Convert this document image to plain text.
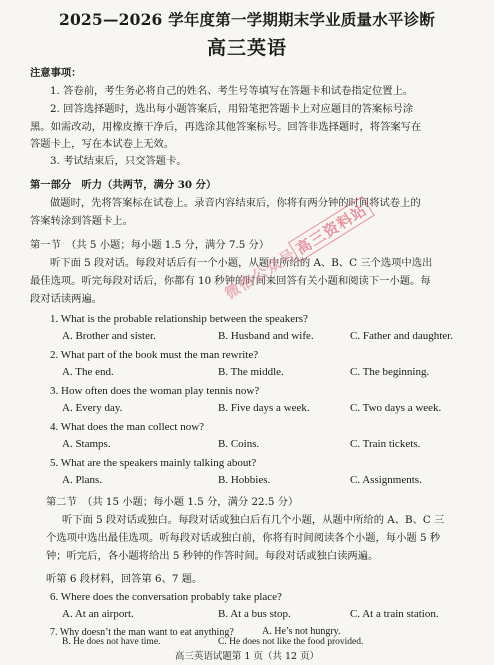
2025—2026 学年度第一学期期末学业质量水平诊断
高三英语
注意事项：
1. 答卷前，考生务必将自己的姓名、考生号等填写在答题卡和试卷指定位置上。
2. 回答选择题时，选出每小题答案后，用铅笔把答题卡上对应题目的答案标号涂
黑。如需改动，用橡皮擦干净后，再选涂其他答案标号。回答非选择题时，将答案写在
答题卡上，写在本试卷上无效。
3. 考试结束后，只交答题卡。
第一部分　听力（共两节，满分 30 分）
做题时，先将答案标在试卷上。录音内容结束后，你将有两分钟的时间将试卷上的
答案转涂到答题卡上。
第一节　（共 5 小题；每小题 1.5 分，满分 7.5 分）
听下面 5 段对话。每段对话后有一个小题，从题中所给的 A、B、C 三个选项中选出
最佳选项。听完每段对话后，你都有 10 秒钟的时间来回答有关小题和阅读下一小题。每
段对话读两遍。
1. What is the probable relationship between the speakers?
A. Brother and sister.	B. Husband and wife.	C. Father and daughter.
2. What part of the book must the man rewrite?
A. The end.	B. The middle.	C. The beginning.
3. How often does the woman play tennis now?
A. Every day.	B. Five days a week.	C. Two days a week.
4. What does the man collect now?
A. Stamps.	B. Coins.	C. Train tickets.
5. What are the speakers mainly talking about?
A. Plans.	B. Hobbies.	C. Assignments.
第二节　（共 15 小题；每小题 1.5 分，满分 22.5 分）
听下面 5 段对话或独白。每段对话或独白后有几个小题，从题中所给的 A、B、C 三
个选项中选出最佳选项。听每段对话或独白前，你将有时间阅读各个小题，每小题 5 秒
钟；听完后，各小题将给出 5 秒钟的作答时间。每段对话或独白读两遍。
听第 6 段材料，回答第 6、7 题。
6. Where does the conversation probably take place?
A. At an airport.	B. At a bus stop.	C. At a train station.
7. Why doesn’t the man want to eat anything?	A. He’s not hungry.
B. He does not have time.	C. He does not like the food provided.
高三英语试题第 1 页（共 12 页）
微信公众号高三资料站
